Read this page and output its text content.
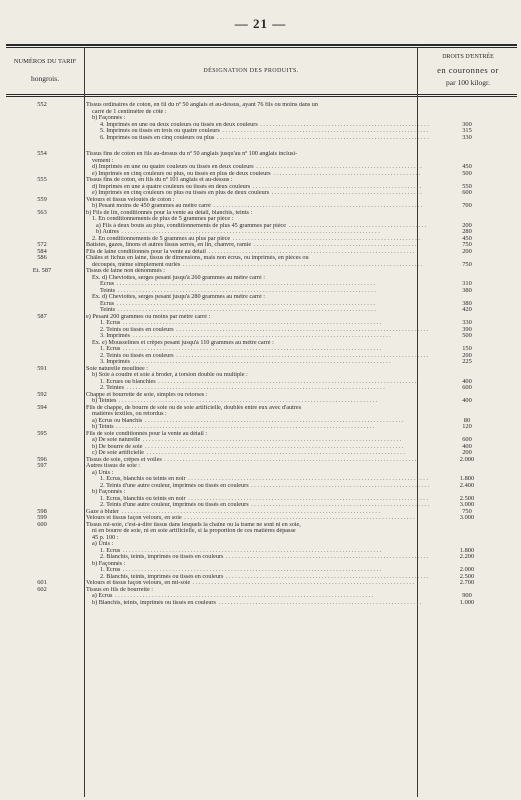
— 21 —
NUMÉROS DU TARIF
hongrois.
DÉSIGNATION DES PRODUITS.
DROITS D'ENTRÉE
en couronnes or
par 100 kilogr.
552	Tissus ordinaires de coton, en fil du nº 50 anglais et au-dessus, ayant 76 fils ou moins dans un
carré de 1 centimètre de côté :
b) Façonnés :
4. Imprimés en une ou deux couleurs ou tissés en deux couleurs . . .	300
5. Imprimés ou tissés en trois ou quatre couleurs . . .	315
6. Imprimés ou tissés en cinq couleurs ou plus . . .	330
554	Tissus fins de coton en fils au-dessus du nº 50 anglais jusqu'au nº 100 anglais inclusi-
vement :
d) Imprimés en une ou quatre couleurs ou tissés en deux couleurs . . .	450
e) Imprimés en cinq couleurs ou plus, ou tissés en plus de deux couleurs . . .	500
555	Tissus fins de coton, en fils du nº 101 anglais et au-dessus :
d) Imprimés en une à quatre couleurs ou tissés en deux couleurs . . .	550
e) Imprimés en cinq couleurs ou plus ou tissés en plus de deux couleurs . . .	600
559	Velours et tissus veloutés de coton :
b) Pesant moins de 450 grammes au mètre carré . . .	700
563	b) Fils de lin, conditionnés pour la vente au détail, blanchis, teints :
1. En conditionnements de plus de 5 grammes par pièce :
a) Fils à deux bouts au plus, conditionnements de plus 45 grammes par pièce . . .	200
b) Autres . . .	280
2. En conditionnements de 5 grammes au plus par pièce . . .	450
572	Batistes, gazes, linons et autres tissus serrés, en lin, chanvre, ramie . . .	750
584	Fils de laine conditionnés pour la vente au détail . . .	200
586	Châles et fichus en laine, tissus de dimensions, mais non écrus, ou imprimés, en pièces ou
découpés, même simplement ourlés . . .	750
Et. 587	Tissus de laine non dénommés :
Ex. d) Cheviottes, serges pesant jusqu'à 260 grammes au mètre carré :
Écrus . . .	310
Teints . . .	380
Ex. d) Cheviottes, serges pesant jusqu'à 280 grammes au mètre carré :
Écrus . . .	380
Teints . . .	420
587	e) Pesant 200 grammes ou moins par mètre carré :
1. Écrus . . .	330
2. Teints ou tissés en couleurs . . .	390
3. Imprimés . . .	500
Ex. e) Mousselines et crêpes pesant jusqu'à 110 grammes au mètre carré :
1. Écrus . . .	150
2. Teints ou tissés en couleurs . . .	200
3. Imprimés . . .	225
591	Soie naturelle moulinée :
b) Soie à coudre et soie à broder, à torsion double ou multiple :
1. Écrues ou blanchies . . .	400
2. Teintes . . .	600
592	Chappe et bourrette de soie, simples ou retorses :
b) Teintes . . .	400
594	Fils de chappe, de bourre de soie ou de soie artificielle, doublés entre eux avec d'autres
matières textiles, ou retordus :
a) Écrus ou blanchis . . .	80
b) Teints . . .	120
595	Fils de soie conditionnés pour la vente au détail :
a) De soie naturelle . . .	600
b) De bourre de soie . . .	400
c) De soie artificielle . . .	200
596	Tissus de soie, crêpes et voiles . . .	2.000
597	Autres tissus de soie :
a) Unis :
1. Écrus, blanchis ou teints en noir . . .	1.800
2. Teints d'une autre couleur, imprimés ou tissés en couleurs . . .	2.400
b) Façonnés :
1. Écrus, blanchis ou teints en noir . . .	2.500
2. Teints d'une autre couleur, imprimés ou tissés en couleurs . . .	3.000
598	Gaze à bluter . . .	750
599	Velours et tissus façon velours, en soie . . .	3.000
600	Tissus mi-soie, c'est-à-dire tissus dans lesquels la chaîne ou la trame ne sont ni en soie,
ni en bourre de soie, ni en soie artificielle, si la proportion de ces matières dépasse
45 p. 100 :
a) Unis :
1. Écrus . . .	1.800
2. Blanchis, teints, imprimés ou tissés en couleurs . . .	2.200
b) Façonnés :
1. Écrus . . .	2.000
2. Blanchis, teints, imprimés ou tissés en couleurs . . .	2.500
601	Velours et tissus façon velours, en mi-soie . . .	2.700
602	Tissus en fils de bourrette :
a) Écrus . . .	900
b) Blanchis, teints, imprimés ou tissés en couleurs . . .	1.000
